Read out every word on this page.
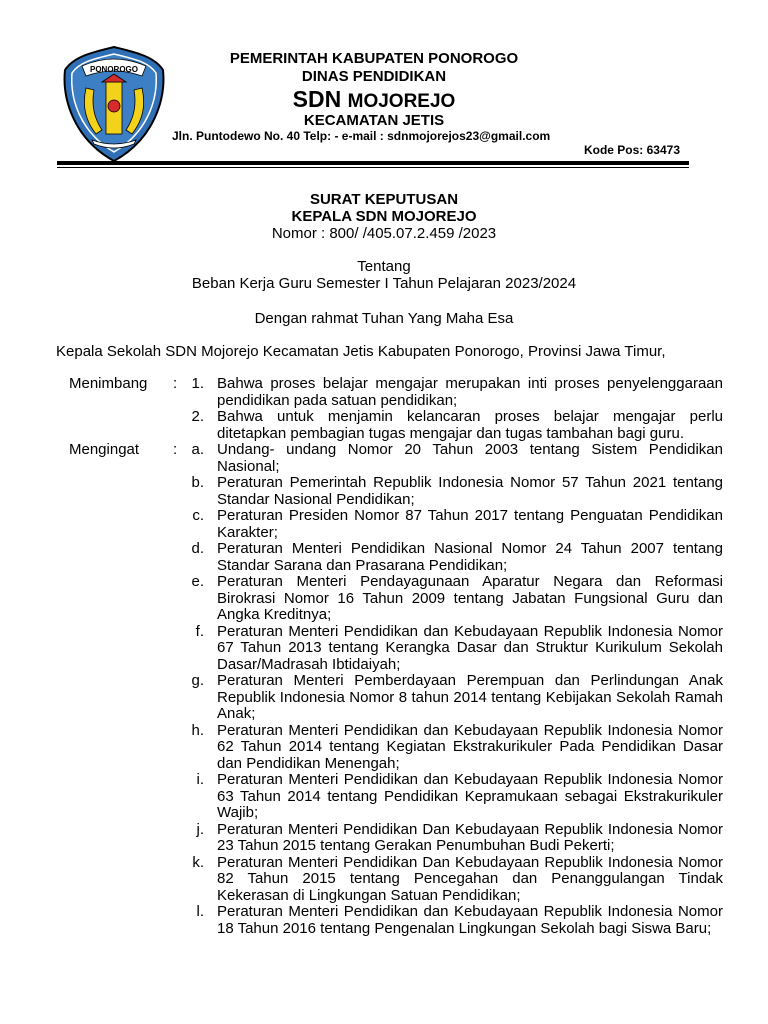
PONOROGO
PEMERINTAH KABUPATEN PONOROGO
DINAS PENDIDIKAN
SDN MOJOREJO
KECAMATAN JETIS
Jln. Puntodewo No. 40 Telp: - e-mail : sdnmojorejos23@gmail.com
Kode Pos: 63473
SURAT KEPUTUSAN
KEPALA SDN MOJOREJO
Nomor : 800/ /405.07.2.459 /2023
Tentang
Beban Kerja Guru Semester I Tahun Pelajaran 2023/2024
Dengan rahmat Tuhan Yang Maha Esa
Kepala Sekolah SDN Mojorejo Kecamatan Jetis Kabupaten Ponorogo, Provinsi Jawa Timur,
Menimbang : 1. Bahwa proses belajar mengajar merupakan inti proses penyelenggaraan pendidikan pada satuan pendidikan;
2. Bahwa untuk menjamin kelancaran proses belajar mengajar perlu ditetapkan pembagian tugas mengajar dan tugas tambahan bagi guru.
Mengingat : a. Undang- undang Nomor 20 Tahun 2003 tentang Sistem Pendidikan Nasional;
b. Peraturan Pemerintah Republik Indonesia Nomor 57 Tahun 2021 tentang Standar Nasional Pendidikan;
c. Peraturan Presiden Nomor 87 Tahun 2017 tentang Penguatan Pendidikan Karakter;
d. Peraturan Menteri Pendidikan Nasional Nomor 24 Tahun 2007 tentang Standar Sarana dan Prasarana Pendidikan;
e. Peraturan Menteri Pendayagunaan Aparatur Negara dan Reformasi Birokrasi Nomor 16 Tahun 2009 tentang Jabatan Fungsional Guru dan Angka Kreditnya;
f. Peraturan Menteri Pendidikan dan Kebudayaan Republik Indonesia Nomor 67 Tahun 2013 tentang Kerangka Dasar dan Struktur Kurikulum Sekolah Dasar/Madrasah Ibtidaiyah;
g. Peraturan Menteri Pemberdayaan Perempuan dan Perlindungan Anak Republik Indonesia Nomor 8 tahun 2014 tentang Kebijakan Sekolah Ramah Anak;
h. Peraturan Menteri Pendidikan dan Kebudayaan Republik Indonesia Nomor 62 Tahun 2014 tentang Kegiatan Ekstrakurikuler Pada Pendidikan Dasar dan Pendidikan Menengah;
i. Peraturan Menteri Pendidikan dan Kebudayaan Republik Indonesia Nomor 63 Tahun 2014 tentang Pendidikan Kepramukaan sebagai Ekstrakurikuler Wajib;
j. Peraturan Menteri Pendidikan Dan Kebudayaan Republik Indonesia Nomor 23 Tahun 2015 tentang Gerakan Penumbuhan Budi Pekerti;
k. Peraturan Menteri Pendidikan Dan Kebudayaan Republik Indonesia Nomor 82 Tahun 2015 tentang Pencegahan dan Penanggulangan Tindak Kekerasan di Lingkungan Satuan Pendidikan;
l. Peraturan Menteri Pendidikan dan Kebudayaan Republik Indonesia Nomor 18 Tahun 2016 tentang Pengenalan Lingkungan Sekolah bagi Siswa Baru;
